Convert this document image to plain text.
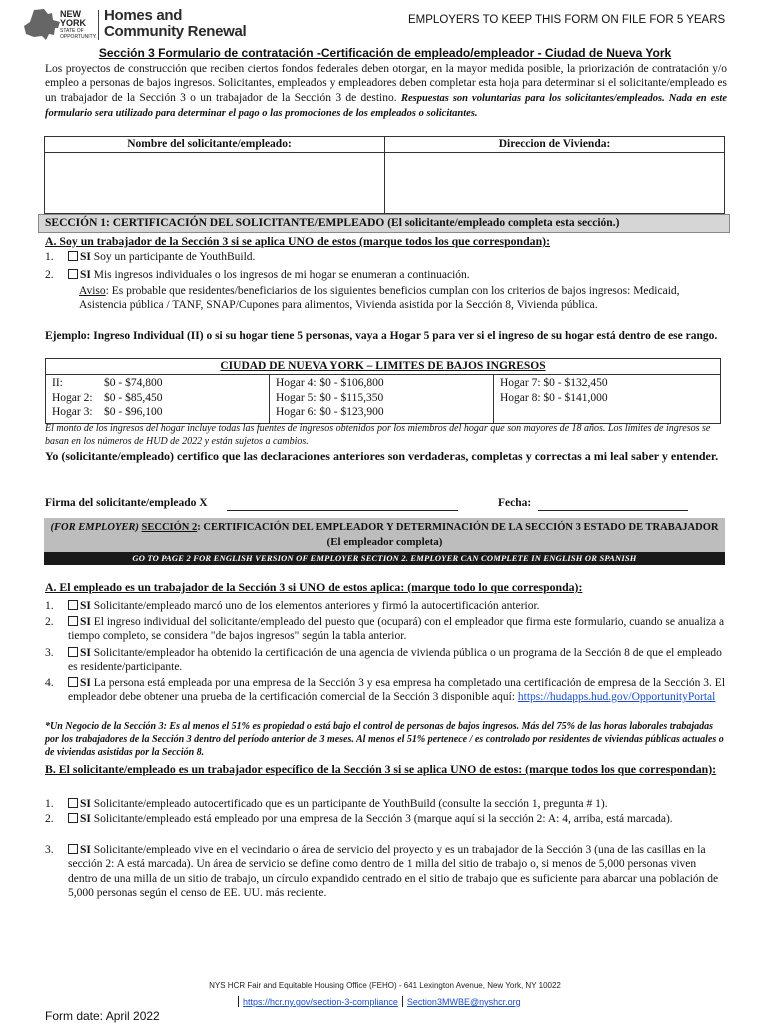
NEW YORK
STATE OF OPPORTUNITY.
Homes and
Community Renewal
EMPLOYERS TO KEEP THIS FORM ON FILE FOR 5 YEARS
Sección 3 Formulario de contratación -Certificación de empleado/empleador - Ciudad de Nueva York
Los proyectos de construcción que reciben ciertos fondos federales deben otorgar, en la mayor medida posible, la priorización de contratación y/o empleo a personas de bajos ingresos. Solicitantes, empleados y empleadores deben completar esta hoja para determinar si el solicitante/empleado es un trabajador de la Sección 3 o un trabajador de la Sección 3 de destino. Respuestas son voluntarias para los solicitantes/empleados. Nada en este formulario sera utilizado para determinar el pago o las promociones de los empleados o solicitantes.
Nombre del solicitante/empleado:	Direccion de Vivienda:
SECCIÓN 1: CERTIFICACIÓN DEL SOLICITANTE/EMPLEADO (El solicitante/empleado completa esta sección.)
A. Soy un trabajador de la Sección 3 si se aplica UNO de estos (marque todos los que correspondan):
1.	SI Soy un participante de YouthBuild.
2.	SI Mis ingresos individuales o los ingresos de mi hogar se enumeran a continuación.
Aviso: Es probable que residentes/beneficiarios de los siguientes beneficios cumplan con los criterios de bajos ingresos: Medicaid, Asistencia pública / TANF, SNAP/Cupones para alimentos, Vivienda asistida por la Sección 8, Vivienda pública.
Ejemplo: Ingreso Individual (II) o si su hogar tiene 5 personas, vaya a Hogar 5 para ver si el ingreso de su hogar está dentro de ese rango.
CIUDAD DE NUEVA YORK – LIMITES DE BAJOS INGRESOS
II:	$0 - $74,800
Hogar 2: $0 - $85,450
Hogar 3: $0 - $96,100
Hogar 4: $0 - $106,800
Hogar 5: $0 - $115,350
Hogar 6: $0 - $123,900
Hogar 7: $0 - $132,450
Hogar 8: $0 - $141,000
El monto de los ingresos del hogar incluye todas las fuentes de ingresos obtenidos por los miembros del hogar que son mayores de 18 años. Los límites de ingresos se basan en los números de HUD de 2022 y están sujetos a cambios.
Yo (solicitante/empleado) certifico que las declaraciones anteriores son verdaderas, completas y correctas a mi leal saber y entender.
Firma del solicitante/empleado X	Fecha:
(FOR EMPLOYER) SECCIÓN 2: CERTIFICACIÓN DEL EMPLEADOR Y DETERMINACIÓN DE LA SECCIÓN 3 ESTADO DE TRABAJADOR
(El empleador completa)
GO TO PAGE 2 FOR ENGLISH VERSION OF EMPLOYER SECTION 2. EMPLOYER CAN COMPLETE IN ENGLISH OR SPANISH
A. El empleado es un trabajador de la Sección 3 si UNO de estos aplica: (marque todo lo que corresponda):
1.	SI Solicitante/empleado marcó uno de los elementos anteriores y firmó la autocertificación anterior.
2.	SI El ingreso individual del solicitante/empleado del puesto que (ocupará) con el empleador que firma este formulario, cuando se anualiza a tiempo completo, se considera "de bajos ingresos" según la tabla anterior.
3.	SI Solicitante/empleador ha obtenido la certificación de una agencia de vivienda pública o un programa de la Sección 8 de que el empleado es residente/participante.
4.	SI La persona está empleada por una empresa de la Sección 3 y esa empresa ha completado una certificación de empresa de la Sección 3. El empleador debe obtener una prueba de la certificación comercial de la Sección 3 disponible aquí: https://hudapps.hud.gov/OpportunityPortal
*Un Negocio de la Sección 3: Es al menos el 51% es propiedad o está bajo el control de personas de bajos ingresos. Más del 75% de las horas laborales trabajadas por los trabajadores de la Sección 3 dentro del período anterior de 3 meses. Al menos el 51% pertenece / es controlado por residentes de viviendas públicas actuales o de viviendas asistidas por la Sección 8.
B. El solicitante/empleado es un trabajador específico de la Sección 3 si se aplica UNO de estos: (marque todos los que correspondan):
1.	SI Solicitante/empleado autocertificado que es un participante de YouthBuild (consulte la sección 1, pregunta # 1).
2.	SI Solicitante/empleado está empleado por una empresa de la Sección 3 (marque aquí si la sección 2: A: 4, arriba, está marcada).
3.	SI Solicitante/empleado vive en el vecindario o área de servicio del proyecto y es un trabajador de la Sección 3 (una de las casillas en la sección 2: A está marcada). Un área de servicio se define como dentro de 1 milla del sitio de trabajo o, si menos de 5,000 personas viven dentro de una milla de un sitio de trabajo, un círculo expandido centrado en el sitio de trabajo que es suficiente para abarcar una población de 5,000 personas según el censo de EE. UU. más reciente.
NYS HCR Fair and Equitable Housing Office (FEHO) - 641 Lexington Avenue, New York, NY 10022
https://hcr.ny.gov/section-3-compliance Section3MWBE@nyshcr.org
Form date: April 2022
